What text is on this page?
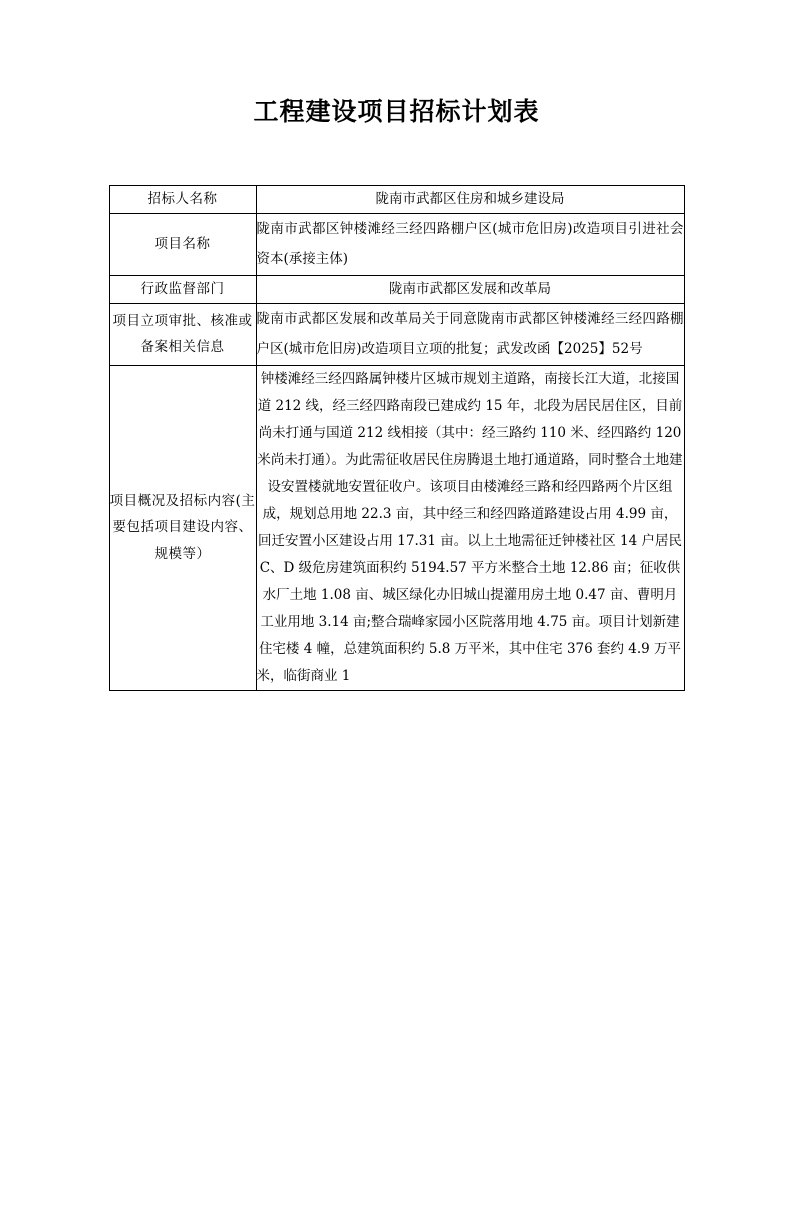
工程建设项目招标计划表
招标人名称	陇南市武都区住房和城乡建设局
项目名称	陇南市武都区钟楼滩经三经四路棚户区(城市危旧房)改造项目引进社会资本(承接主体)
行政监督部门	陇南市武都区发展和改革局
项目立项审批、核准或备案相关信息	陇南市武都区发展和改革局关于同意陇南市武都区钟楼滩经三经四路棚户区(城市危旧房)改造项目立项的批复；武发改函【2025】52号
项目概况及招标内容(主要包括项目建设内容、规模等）	钟楼滩经三经四路属钟楼片区城市规划主道路，南接长江大道，北接国道 212 线，经三经四路南段已建成约 15 年，北段为居民居住区，目前尚未打通与国道 212 线相接（其中：经三路约 110 米、经四路约 120 米尚未打通）。为此需征收居民住房腾退土地打通道路，同时整合土地建设安置楼就地安置征收户。该项目由楼滩经三路和经四路两个片区组成，规划总用地 22.3 亩，其中经三和经四路道路建设占用 4.99 亩，回迁安置小区建设占用 17.31 亩。以上土地需征迁钟楼社区 14 户居民 C、D 级危房建筑面积约 5194.57 平方米整合土地 12.86 亩；征收供水厂土地 1.08 亩、城区绿化办旧城山提灌用房土地 0.47 亩、曹明月工业用地 3.14 亩;整合瑞峰家园小区院落用地 4.75 亩。项目计划新建住宅楼 4 幢，总建筑面积约 5.8 万平米，其中住宅 376 套约 4.9 万平米，临街商业 1
